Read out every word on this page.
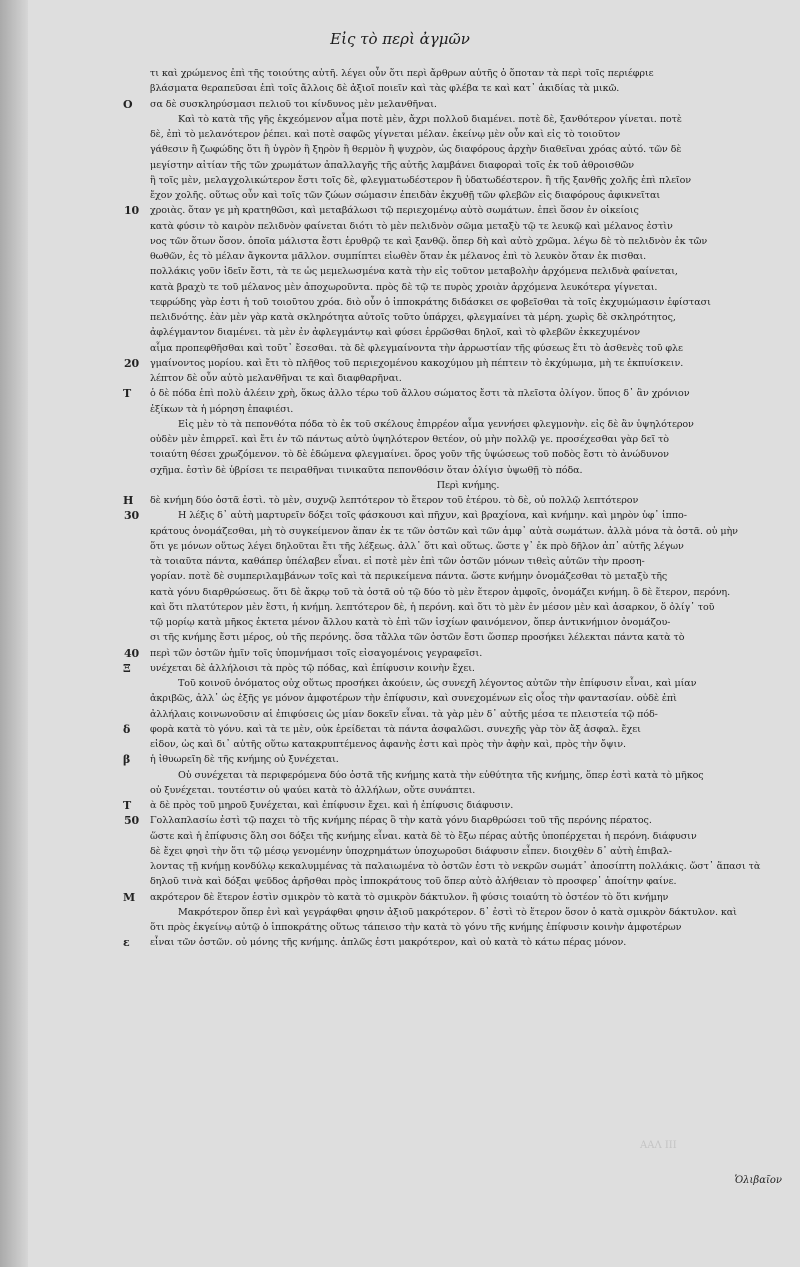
Εἰς τὸ περὶ ἀγμῶν
τι καὶ χρώμενος ἐπὶ τῆς τοιούτης αὐτῆ. λέγει οὖν ὅτι περὶ ἄρθρων αὐτῆς ὁ ὅποταν τὰ περὶ τοῖς περιέφριε
βλάσματα θεραπεῦσαι ἐπὶ τοῖς ἄλλοις δὲ ἀξιοῖ ποιεῖν καὶ τὰς φλέβα τε καὶ κατ᾽ ἀκιδίας τὰ μικῶ.
Ο	σα δὲ συσκληρύσμασι πελιοῦ τοι κίνδυνος μὲν μελανθῆναι.
Καὶ τὸ κατὰ τῆς γῆς ἐκχεόμενον αἷμα ποτὲ μὲν, ἄχρι πολλοῦ διαμένει. ποτὲ δὲ, ξανθότερον γίνεται. ποτὲ
δὲ, ἐπὶ τὸ μελανότερον ῥέπει. καὶ ποτὲ σαφῶς γίγνεται μέλαν. ἐκείνῳ μὲν οὖν καὶ εἰς τὸ τοιοῦτον
γάθεσιν ἢ ζωφώδης ὅτι ἢ ὑγρὸν ἢ ξηρὸν ἢ θερμὸν ἢ ψυχρὸν, ὡς διαφόρους ἀρχὴν διαθεῖναι χρόας αὐτό. τῶν δὲ
μεγίστην αἰτίαν τῆς τῶν χρωμάτων ἀπαλλαγῆς τῆς αὐτῆς λαμβάνει διαφοραὶ τοῖς ἐκ τοῦ ἀθροισθῶν
ἢ τοῖς μὲν, μελαγχολικώτερον ἔστι τοῖς δὲ, φλεγματωδέστερον ἢ ὑδατωδέστερον. ἢ τῆς ξανθῆς χολῆς ἐπὶ πλεῖον
ἔχον χολῆς. οὕτως οὖν καὶ τοῖς τῶν ζώων σώμασιν ἐπειδὰν ἐκχυθῇ τῶν φλεβῶν εἰς διαφόρους ἀφικνεῖται
10 χροιὰς. ὅταν γε μὴ κρατηθῶσι, καὶ μεταβάλωσι τῷ περιεχομένῳ αὐτὸ σωμάτων. ἐπεὶ ὅσον ἐν οἰκείοις
κατὰ φύσιν τὸ καιρὸν πελιδνὸν φαίνεται διότι τὸ μὲν πελιδνὸν σῶμα μεταξὺ τῷ τε λευκῷ καὶ μέλανος ἐστὶν
νος τῶν ὅτων ὅσον. ὁποῖα μάλιστα ἔστι ἐρυθρῷ τε καὶ ξανθῷ. ὅπερ δὴ καὶ αὐτὸ χρῶμα. λέγω δὲ τὸ πελιδνὸν ἐκ τῶν
θωθῶν, ἐς τὸ μέλαν ἄγκοντα μᾶλλον. συμπίπτει εἰωθὲν ὅταν ἐκ μέλανος ἐπὶ τὸ λευκὸν ὅταν ἐκ πισθαι.
πολλάκις γοῦν ἰδεῖν ἔστι, τὰ τε ὡς μεμελωσμένα κατὰ τὴν εἰς τοῦτον μεταβολὴν ἀρχόμενα πελιδνὰ φαίνεται,
κατὰ βραχὺ τε τοῦ μέλανος μὲν ἀποχωροῦντα. πρὸς δὲ τῷ τε πυρὸς χροιὰν ἀρχόμενα λευκότερα γίγνεται.
τεφρώδης γὰρ ἐστι ἡ τοῦ τοιοῦτου χρόα. διὸ οὖν ὁ ἱπποκράτης διδάσκει σε φοβεῖσθαι τὰ τοῖς ἐκχυμώμασιν ἐφίστασι
πελιδνότης. ἐὰν μὲν γὰρ κατὰ σκληρότητα αὐτοῖς τοῦτο ὑπάρχει, φλεγμαίνει τὰ μέρη. χωρὶς δὲ σκληρότητος,
ἀφλέγμαντον διαμένει. τὰ μὲν ἐν ἀφλεγμάντῳ καὶ φύσει ἐρρῶσθαι δηλοῖ, καὶ τὸ φλεβῶν ἐκκεχυμένον
αἷμα προπεφθῆσθαι καὶ τοῦτ᾽ ἔσεσθαι. τὰ δὲ φλεγμαίνοντα τὴν ἀρρωστίαν τῆς φύσεως ἔτι τὸ ἀσθενὲς τοῦ φλε
20 γμαίνοντος μορίου. καὶ ἔτι τὸ πλῆθος τοῦ περιεχομένου κακοχύμου μὴ πέπτειν τὸ ἐκχύμωμα, μὴ τε ἐκπυίσκειν.
λέπτον δὲ οὖν αὐτὸ μελανθῆναι τε καὶ διαφθαρῆναι.
Τ	ὁ δὲ πόδα ἐπὶ πολὺ ἀλέειν χρὴ, ὅκως ἀλλο τέρω τοῦ ἄλλου σώματος ἔστι τὰ πλεῖστα ὀλίγον. ὕπος δ᾽ ἂν χρόνιον
ἐξίκων τὰ ἡ μόρηση ἐπαφιέσι.
Εἰς μὲν τὸ τὰ πεπονθότα πόδα τὸ ἐκ τοῦ σκέλους ἐπιρρέον αἷμα γεννήσει φλεγμονὴν. εἰς δὲ ἂν ὑψηλότερον
οὐδὲν μὲν ἐπιρρεῖ. καὶ ἔτι ἐν τῶ πάντως αὐτὸ ὑψηλότερον θετέον, οὐ μὴν πολλῷ γε. προσέχεσθαι γὰρ δεῖ τὸ
τοιαύτη θέσει χρωζόμενον. τὸ δὲ ἐδώμενα φλεγμαίνει. ὅρος γοῦν τῆς ὑψώσεως τοῦ ποδὸς ἔστι τὸ ἀνώδυνον
σχῆμα. ἐστὶν δὲ ὑβρίσει τε πειραθῆναι τινικαῦτα πεπονθόσιν ὅταν ὀλίγισ ὑψωθῇ τὸ πόδα.
Περὶ κνήμης.
Η	δὲ κνήμη δύο ὀστᾶ ἐστὶ. τὸ μὲν, συχνῷ λεπτότερον τὸ ἕτερον τοῦ ἑτέρου. τὸ δὲ, οὐ πολλῷ λεπτότερον
30	Η λέξις δ᾽ αὐτὴ μαρτυρεῖν δόξει τοῖς φάσκουσι καὶ πῆχυν, καὶ βραχίονα, καὶ κνήμην. καὶ μηρὸν ὑφ᾽ ἱππο-
κράτους ὀνομάζεσθαι, μὴ τὸ συγκείμενον ἅπαν ἐκ τε τῶν ὀστῶν καὶ τῶν ἀμφ᾽ αὐτὰ σωμάτων. ἀλλὰ μόνα τὰ ὀστᾶ. οὐ μὴν
ὅτι γε μόνων οὕτως λέγει δηλοῦται ἔτι τῆς λέξεως. ἀλλ᾽ ὅτι καὶ οὕτως. ὥστε γ᾽ ἐκ πρὸ δῆλον ἀπ᾽ αὐτῆς λέγων
τὰ τοιαῦτα πάντα, καθάπερ ὑπέλαβεν εἶναι. εἰ ποτὲ μὲν ἐπὶ τῶν ὀστῶν μόνων τιθεὶς αὐτῶν τὴν προση-
γορίαν. ποτὲ δὲ συμπεριλαμβάνων τοῖς καὶ τὰ περικείμενα πάντα. ὥστε κνήμην ὀνομάζεσθαι τὸ μεταξὺ τῆς
κατὰ γόνυ διαρθρώσεως. ὅτι δὲ ἄκρῳ τοῦ τὰ ὀστᾶ οὐ τῷ δύο τὸ μὲν ἕτερον ἀμφοῖς, ὀνομάζει κνήμη. ὃ δὲ ἕτερον, περόνη.
καὶ ὅτι πλατύτερον μὲν ἔστι, ἡ κνήμη. λεπτότερον δὲ, ἡ περόνη. καὶ ὅτι τὸ μὲν ἐν μέσον μὲν καὶ ἀσαρκον, ὅ ὀλίγ᾽ τοῦ
τῷ μορίῳ κατὰ μῆκος ἐκτετα μένον ἄλλου κατὰ τὸ ἐπὶ τῶν ἰσχίων φαινόμενον, ὅπερ ἀντικνήμιον ὀνομάζου-
σι τῆς κνήμης ἔστι μέρος, οὐ τῆς περόνης. ὅσα τἄλλα τῶν ὀστῶν ἔστι ὥσπερ προσήκει λέλεκται πάντα κατὰ τὸ
40 περὶ τῶν ὀστῶν ἡμῖν τοῖς ὑπομνήμασι τοῖς εἰσαγομένοις γεγραφεῖσι.
Ξ	υνέχεται δὲ ἀλλήλοισι τὰ πρὸς τῷ πόδας, καὶ ἐπίφυσιν κοινὴν ἔχει.
Τοῦ κοινοῦ ὀνόματος οὐχ οὕτως προσήκει ἀκούειν, ὡς συνεχῆ λέγοντος αὐτῶν τὴν ἐπίφυσιν εἶναι, καὶ μίαν
ἀκριβῶς, ἀλλ᾽ ὡς ἑξῆς γε μόνον ἀμφοτέρων τὴν ἐπίφυσιν, καὶ συνεχομένων εἰς οἷος τὴν φαντασίαν. οὐδὲ ἐπὶ
ἀλλήλαις κοινωνοῦσιν αἱ ἐπιφύσεις ὡς μίαν δοκεῖν εἶναι. τὰ γὰρ μὲν δ᾽ αὐτῆς μέσα τε πλειστεία τῷ πόδ-
δ	φορὰ κατὰ τὸ γόνυ. καὶ τὰ τε μὲν, οὐκ ἐρείδεται τὰ πάντα ἀσφαλῶσι. συνεχῆς γὰρ τὸν ἄξ ἀσφαλ. ἔχει
εἰδον, ὡς καὶ δι᾽ αὐτῆς οὕτω κατακρυπτέμενος ἀφανὴς ἐστι καὶ πρὸς τὴν ἀφὴν καὶ, πρὸς τὴν ὄψιν.
β	ἡ ἰθυωρεῖη δὲ τῆς κνήμης οὐ ξυνέχεται.
Οὐ συνέχεται τὰ περιφερόμενα δύο ὀστᾶ τῆς κνήμης κατὰ τὴν εὐθύτητα τῆς κνήμης, ὅπερ ἐστὶ κατὰ τὸ μῆκος
οὐ ξυνέχεται. τουτέστιν οὐ ψαύει κατὰ τὸ ἀλλήλων, οὔτε συνάπτει.
Τ	ὰ δὲ πρὸς τοῦ μηροῦ ξυνέχεται, καὶ ἐπίφυσιν ἔχει. καὶ ἡ ἐπίφυσις διάφυσιν.
50 Γολλαπλασίω ἐστὶ τῷ παχει τὸ τῆς κνήμης πέρας ὃ τὴν κατὰ γόνυ διαρθρώσει τοῦ τῆς περόνης πέρατος.
ὥστε καὶ ἡ ἐπίφυσις ὅλη σοι δόξει τῆς κνήμης εἶναι. κατὰ δὲ τὸ ἔξω πέρας αὐτῆς ὑποπέρχεται ἡ περόνη. διάφυσιν
δὲ ἔχει φησὶ τὴν ὅτι τῷ μέσῳ γενομένην ὑποχρημάτων ὑποχωροῦσι διάφυσιν εἶπεν. διοιχθὲν δ᾽ αὐτὴ ἐπιβαλ-
λοντας τῇ κνήμῃ κονδύλῳ κεκαλυμμένας τὰ παλαιωμένα τὸ ὀστῶν ἐστι τὸ νεκρῶν σωμάτ᾽ ἀποσίπτη πολλάκις. ὥστ᾽ ἅπασι τὰ
δηλοῦ τινὰ καὶ δόξαι ψεῦδος ἀρῆσθαι πρὸς ἱπποκράτους τοῦ ὅπερ αὐτὸ ἀλήθειαν τὸ προσφερ᾽ ἀποίτην φαίνε.
Μ	ακρότερον δὲ ἕτερον ἐστὶν σμικρὸν τὸ κατὰ τὸ σμικρὸν δάκτυλον. ἢ φύσις τοιαύτη τὸ ὀστέον τὸ ὅτι κνήμην
Μακρότερον ὅπερ ἐνὶ καὶ γεγράφθαι φησιν ἀξιοῦ μακρότερον. δ᾽ ἐστὶ τὸ ἕτερον ὅσον ὁ κατὰ σμικρὸν δάκτυλον. καὶ
ὅτι πρὸς ἐκγείνῳ αὐτῷ ὁ ἱπποκράτης οὕτως τάπεισο τὴν κατὰ τὸ γόνυ τῆς κνήμης ἐπίφυσιν κοινὴν ἀμφοτέρων
ε	εἶναι τῶν ὀστῶν. οὐ μόνης τῆς κνήμης. ἀπλῶς ἐστι μακρότερον, καὶ οὐ κατὰ τὸ κάτω πέρας μόνον.
ΑΑΛ ΙΙΙ
Ὁλιβαῖον
